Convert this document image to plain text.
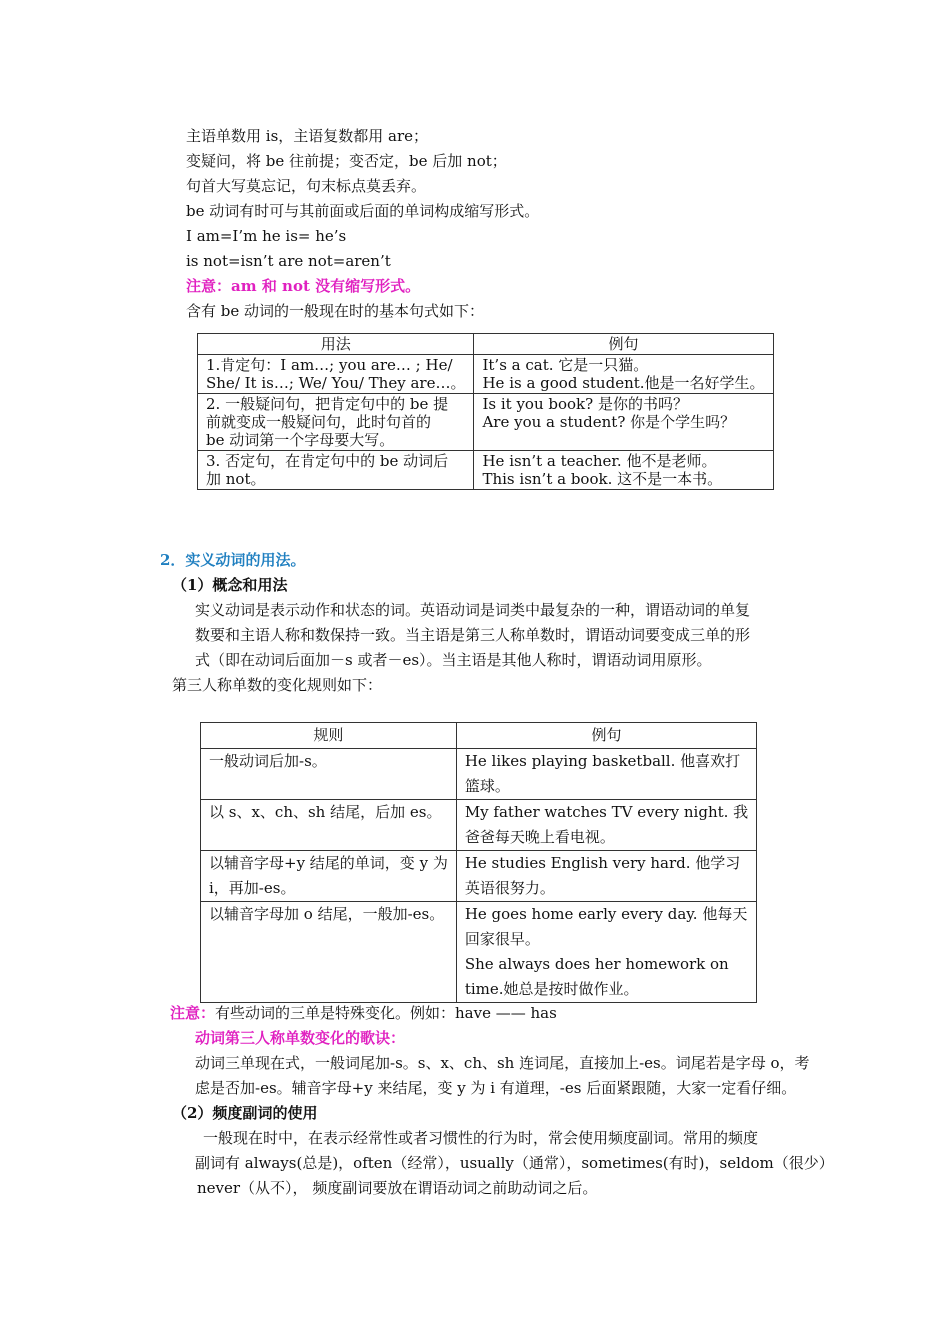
主语单数用 is，主语复数都用 are；
变疑问，将 be 往前提；变否定，be 后加 not；
句首大写莫忘记，句末标点莫丢弃。
be 动词有时可与其前面或后面的单词构成缩写形式。
I am=I’m he is= he’s
is not=isn’t are not=aren’t
注意：am 和 not 没有缩写形式。
含有 be 动词的一般现在时的基本句式如下：
用法	例句

1.肯定句：I am…; you are… ; He/
She/ It is…; We/ You/ They are…。	It’s a cat. 它是一只猫。
He is a good student.他是一名好学生。

2. 一般疑问句，把肯定句中的 be 提
前就变成一般疑问句，此时句首的
be 动词第一个字母要大写。	Is it you book? 是你的书吗？
Are you a student? 你是个学生吗？

3. 否定句，在肯定句中的 be 动词后
加 not。	He isn’t a teacher. 他不是老师。
This isn’t a book. 这不是一本书。
2．实义动词的用法。
（1）概念和用法
实义动词是表示动作和状态的词。英语动词是词类中最复杂的一种，谓语动词的单复
数要和主语人称和数保持一致。当主语是第三人称单数时，谓语动词要变成三单的形
式（即在动词后面加－s 或者－es）。当主语是其他人称时，谓语动词用原形。
第三人称单数的变化规则如下：
规则	例句

一般动词后加-s。	He likes playing basketball. 他喜欢打
篮球。

以 s、x、ch、sh 结尾，后加 es。	My father watches TV every night. 我
爸爸每天晚上看电视。

以辅音字母+y 结尾的单词，变 y 为
i，再加-es。	He studies English very hard. 他学习
英语很努力。

以辅音字母加 o 结尾，一般加-es。	He goes home early every day. 他每天
回家很早。
She always does her homework on
time.她总是按时做作业。
注意：有些动词的三单是特殊变化。例如：have —— has
动词第三人称单数变化的歌诀：
动词三单现在式，一般词尾加-s。s、x、ch、sh 连词尾，直接加上-es。词尾若是字母 o，考
虑是否加-es。辅音字母+y 来结尾，变 y 为 i 有道理，-es 后面紧跟随，大家一定看仔细。
（2）频度副词的使用
一般现在时中，在表示经常性或者习惯性的行为时，常会使用频度副词。常用的频度
副词有 always(总是)，often（经常），usually（通常），sometimes(有时)，seldom（很少）
never（从不）， 频度副词要放在谓语动词之前助动词之后。
